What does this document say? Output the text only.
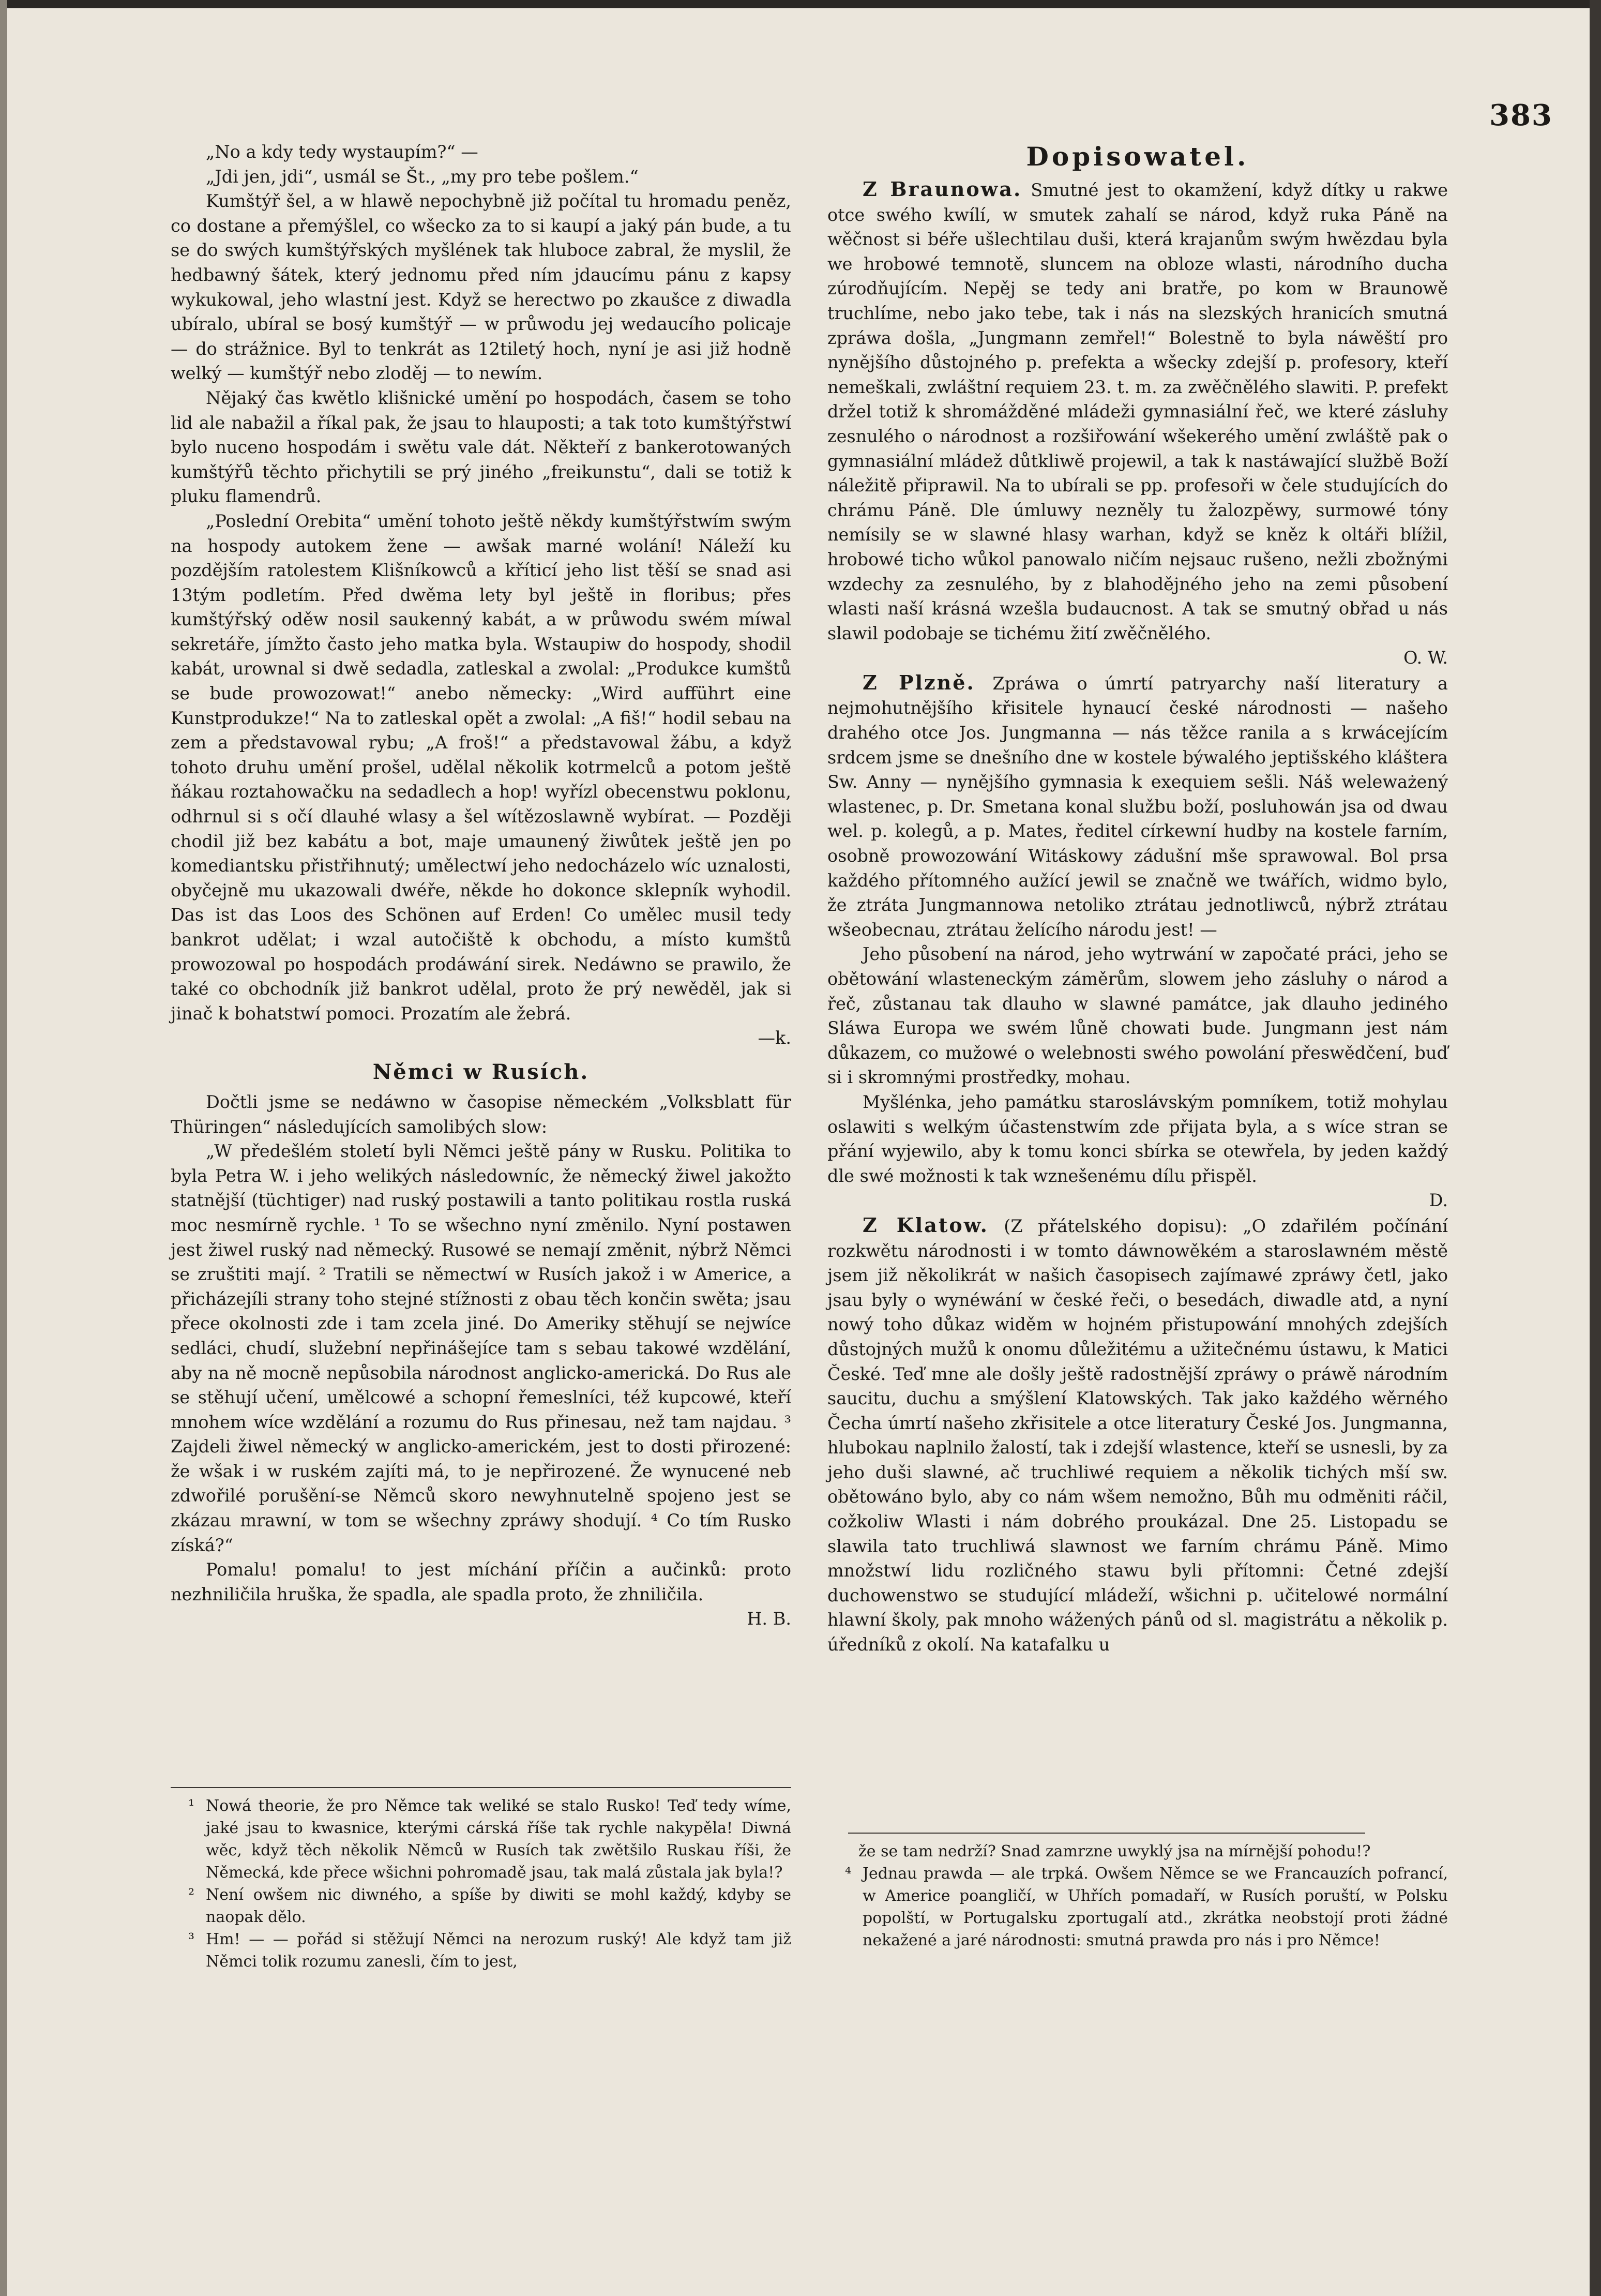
383

„No a kdy tedy wystaupím?“ —

„Jdi jen, jdi“, usmál se Št., „my pro tebe pošlem.“

Kumštýř šel, a w hlawě nepochybně již počítal tu hromadu peněz, co dostane a přemýšlel, co wšecko za to si kaupí a jaký pán bude, a tu se do swých kumštýřských myšlének tak hluboce zabral, že myslil, že hedbawný šátek, který jednomu před ním jdaucímu pánu z kapsy wykukowal, jeho wlastní jest. Když se herectwo po zkaušce z diwadla ubíralo, ubíral se bosý kumštýř — w průwodu jej wedaucího policaje — do strážnice. Byl to tenkrát as 12tiletý hoch, nyní je asi již hodně welký — kumštýř nebo zloděj — to newím.

Nějaký čas kwětlo klišnické umění po hospodách, časem se toho lid ale nabažil a říkal pak, že jsau to hlauposti; a tak toto kumštýřstwí bylo nuceno hospodám i swětu vale dát. Někteří z bankerotowaných kumštýřů těchto přichytili se prý jiného „freikunstu“, dali se totiž k pluku flamendrů.

„Poslední Orebita“ umění tohoto ještě někdy kumštýřstwím swým na hospody autokem žene — awšak marné wolání! Náleží ku pozdějším ratolestem Klišníkowců a kříticí jeho list těší se snad asi 13tým podletím. Před dwěma lety byl ještě in floribus; přes kumštýřský oděw nosil saukenný kabát, a w průwodu swém míwal sekretáře, jímžto často jeho matka byla. Wstaupiw do hospody, shodil kabát, urownal si dwě sedadla, zatleskal a zwolal: „Produkce kumštů se bude prowozowat!“ anebo německy: „Wird aufführt eine Kunstprodukze!“ Na to zatleskal opět a zwolal: „A fiš!“ hodil sebau na zem a představowal rybu; „A froš!“ a představowal žábu, a když tohoto druhu umění prošel, udělal několik kotrmelců a potom ještě ňákau roztahowačku na sedadlech a hop! wyřízl obecenstwu poklonu, odhrnul si s očí dlauhé wlasy a šel wítězoslawně wybírat. — Později chodil již bez kabátu a bot, maje umaunený žiwůtek ještě jen po komediantsku přistřihnutý; umělectwí jeho nedocházelo wíc uznalosti, obyčejně mu ukazowali dwéře, někde ho dokonce sklepník wyhodil. Das ist das Loos des Schönen auf Erden! Co umělec musil tedy bankrot udělat; i wzal autočiště k obchodu, a místo kumštů prowozowal po hospodách prodáwání sirek. Nedáwno se prawilo, že také co obchodník již bankrot udělal, proto že prý newěděl, jak si jinač k bohatstwí pomoci. Prozatím ale žebrá.

—k.
Němci w Rusích.

Dočtli jsme se nedáwno w časopise německém „Volksblatt für Thüringen“ následujících samolibých slow:

„W předešlém století byli Němci ještě pány w Rusku. Politika to byla Petra W. i jeho welikých následowníc, že německý žiwel jakožto statnější (tüchtiger) nad ruský postawili a tanto politikau rostla ruská moc nesmírně rychle. ¹ To se wšechno nyní změnilo. Nyní postawen jest žiwel ruský nad německý. Rusowé se nemají změnit, nýbrž Němci se zruštiti mají. ² Tratili se němectwí w Rusích jakož i w Americe, a přicházejíli strany toho stejné stížnosti z obau těch končin swěta; jsau přece okolnosti zde i tam zcela jiné. Do Ameriky stěhují se nejwíce sedláci, chudí, služební nepřinášejíce tam s sebau takowé wzdělání, aby na ně mocně nepůsobila národnost anglicko-americká. Do Rus ale se stěhují učení, umělcowé a schopní řemeslníci, též kupcowé, kteří mnohem wíce wzdělání a rozumu do Rus přinesau, než tam najdau. ³ Zajdeli žiwel německý w anglicko-americkém, jest to dosti přirozené: že wšak i w ruském zajíti má, to je nepřirozené. Že wynucené neb zdwořilé porušění-se Němců skoro newyhnutelně spojeno jest se zkázau mrawní, w tom se wšechny zpráwy shodují. ⁴ Co tím Rusko získá?“

Pomalu! pomalu! to jest míchání příčin a aučinků: proto nezhniličila hruška, že spadla, ale spadla proto, že zhniličila.

H. B.
Dopisowatel.

Z Braunowa. Smutné jest to okamžení, když dítky u rakwe otce swého kwílí, w smutek zahalí se národ, když ruka Páně na wěčnost si béře ušlechtilau duši, která krajanům swým hwězdau byla we hrobowé temnotě, sluncem na obloze wlasti, národního ducha zúrodňujícím. Nepěj se tedy ani bratře, po kom w Braunowě truchlíme, nebo jako tebe, tak i nás na slezských hranicích smutná zpráwa došla, „Jungmann zemřel!“ Bolestně to byla náwěští pro nynějšího důstojného p. prefekta a wšecky zdejší p. profesory, kteří nemeškali, zwláštní requiem 23. t. m. za zwěčnělého slawiti. P. prefekt držel totiž k shromážděné mládeži gymnasiální řeč, we které zásluhy zesnulého o národnost a rozšiřowání wšekerého umění zwláště pak o gymnasiální mládež důtkliwě projewil, a tak k nastáwající službě Boží náležitě připrawil. Na to ubírali se pp. profesoři w čele studujících do chrámu Páně. Dle úmluwy nezněly tu žalozpěwy, surmowé tóny nemísily se w slawné hlasy warhan, když se kněz k oltáři blížil, hrobowé ticho wůkol panowalo ničím nejsauc rušeno, nežli zbožnými wzdechy za zesnulého, by z blahodějného jeho na zemi působení wlasti naší krásná wzešla budaucnost. A tak se smutný obřad u nás slawil podobaje se tichému žití zwěčnělého.

O. W.

Z Plzně. Zpráwa o úmrtí patryarchy naší literatury a nejmohutnějšího křisitele hynaucí české národnosti — našeho drahého otce Jos. Jungmanna — nás těžce ranila a s krwácejícím srdcem jsme se dnešního dne w kostele býwalého jeptišského kláštera Sw. Anny — nynějšího gymnasia k exequiem sešli. Náš weleważený wlastenec, p. Dr. Smetana konal službu boží, posluhowán jsa od dwau wel. p. kolegů, a p. Mates, ředitel církewní hudby na kostele farním, osobně prowozowání Witáskowy zádušní mše sprawowal. Bol prsa každého přítomného aužící jewil se značně we twářích, widmo bylo, že ztráta Jungmannowa netoliko ztrátau jednotliwců, nýbrž ztrátau wšeobecnau, ztrátau želícího národu jest! —

Jeho působení na národ, jeho wytrwání w započaté práci, jeho se obětowání wlasteneckým záměrům, slowem jeho zásluhy o národ a řeč, zůstanau tak dlauho w slawné památce, jak dlauho jediného Sláwa Europa we swém lůně chowati bude. Jungmann jest nám důkazem, co mužowé o welebnosti swého powolání přeswědčení, buď si i skromnými prostředky, mohau.

Myšlénka, jeho památku staroslávským pomníkem, totiž mohylau oslawiti s welkým účastenstwím zde přijata byla, a s wíce stran se přání wyjewilo, aby k tomu konci sbírka se otewřela, by jeden každý dle swé možnosti k tak wznešenému dílu přispěl.

D.

Z Klatow. (Z přátelského dopisu): „O zdařilém počínání rozkwětu národnosti i w tomto dáwnowěkém a staroslawném městě jsem již několikrát w našich časopisech zajímawé zpráwy četl, jako jsau byly o wynéwání w české řeči, o besedách, diwadle atd, a nyní nowý toho důkaz widěm w hojném přistupowání mnohých zdejších důstojných mužů k onomu důležitému a užitečnému ústawu, k Matici České. Teď mne ale došly ještě radostnější zpráwy o práwě národním saucitu, duchu a smýšlení Klatowských. Tak jako každého wěrného Čecha úmrtí našeho zkřisitele a otce literatury České Jos. Jungmanna, hlubokau naplnilo žalostí, tak i zdejší wlastence, kteří se usnesli, by za jeho duši slawné, ač truchliwé requiem a několik tichých mší sw. obětowáno bylo, aby co nám wšem nemožno, Bůh mu odměniti ráčil, cožkoliw Wlasti i nám dobrého proukázal. Dne 25. Listopadu se slawila tato truchliwá slawnost we farním chrámu Páně. Mimo množstwí lidu rozličného stawu byli přítomni: Četné zdejší duchowenstwo se studující mládeží, wšichni p. učitelowé normální hlawní školy, pak mnoho wážených pánů od sl. magistrátu a několik p. úředníků z okolí. Na katafalku u

¹ Nowá theorie, že pro Němce tak weliké se stalo Rusko! Teď tedy wíme, jaké jsau to kwasnice, kterými cárská říše tak rychle nakypěla! Diwná wěc, když těch několik Němců w Rusích tak zwětšilo Ruskau říši, že Německá, kde přece wšichni pohromadě jsau, tak malá zůstala jak byla!?

² Není owšem nic diwného, a spíše by diwiti se mohl každý, kdyby se naopak dělo.

³ Hm! — — pořád si stěžují Němci na nerozum ruský! Ale když tam již Němci tolik rozumu zanesli, čím to jest,

že se tam nedrží? Snad zamrzne uwyklý jsa na mírnější pohodu!?

⁴ Jednau prawda — ale trpká. Owšem Němce se we Francauzích pofrancí, w Americe poangličí, w Uhřích pomadaří, w Rusích poruští, w Polsku popolští, w Portugalsku zportugalí atd., zkrátka neobstojí proti žádné nekažené a jaré národnosti: smutná prawda pro nás i pro Němce!
